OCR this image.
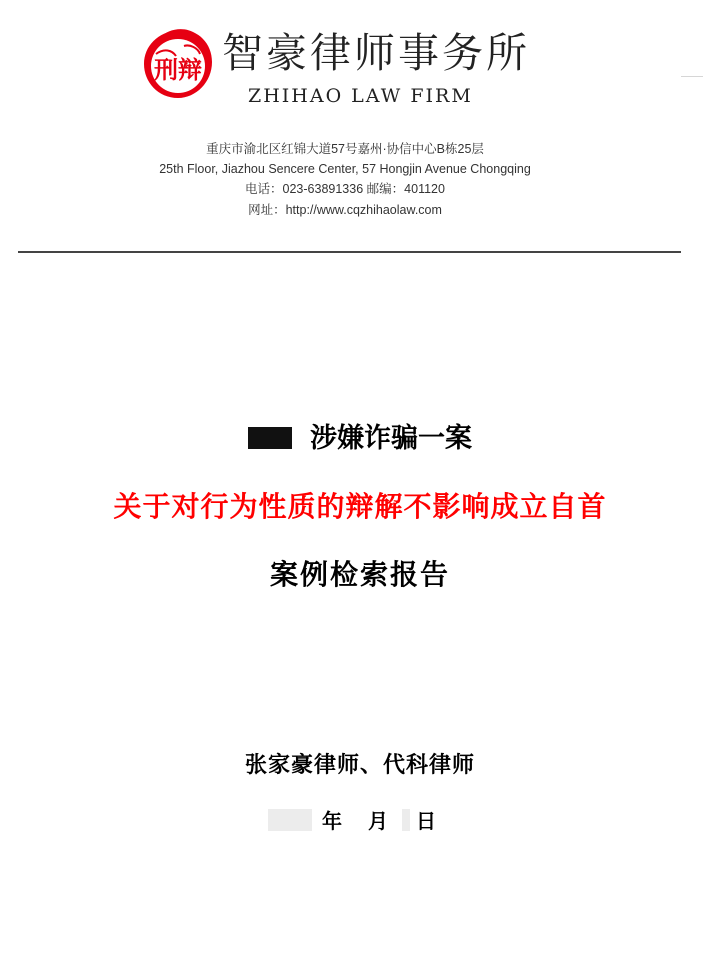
刑辩 智豪律师事务所
ZHIHAO LAW FIRM
重庆市渝北区红锦大道57号嘉州·协信中心B栋25层
25th Floor, Jiazhou Sencere Center, 57 Hongjin Avenue Chongqing
电话：023-63891336 邮编：401120
网址：http://www.cqzhihaolaw.com
涉嫌诈骗一案
关于对行为性质的辩解不影响成立自首
案例检索报告
张家豪律师、代科律师
年 月 日
